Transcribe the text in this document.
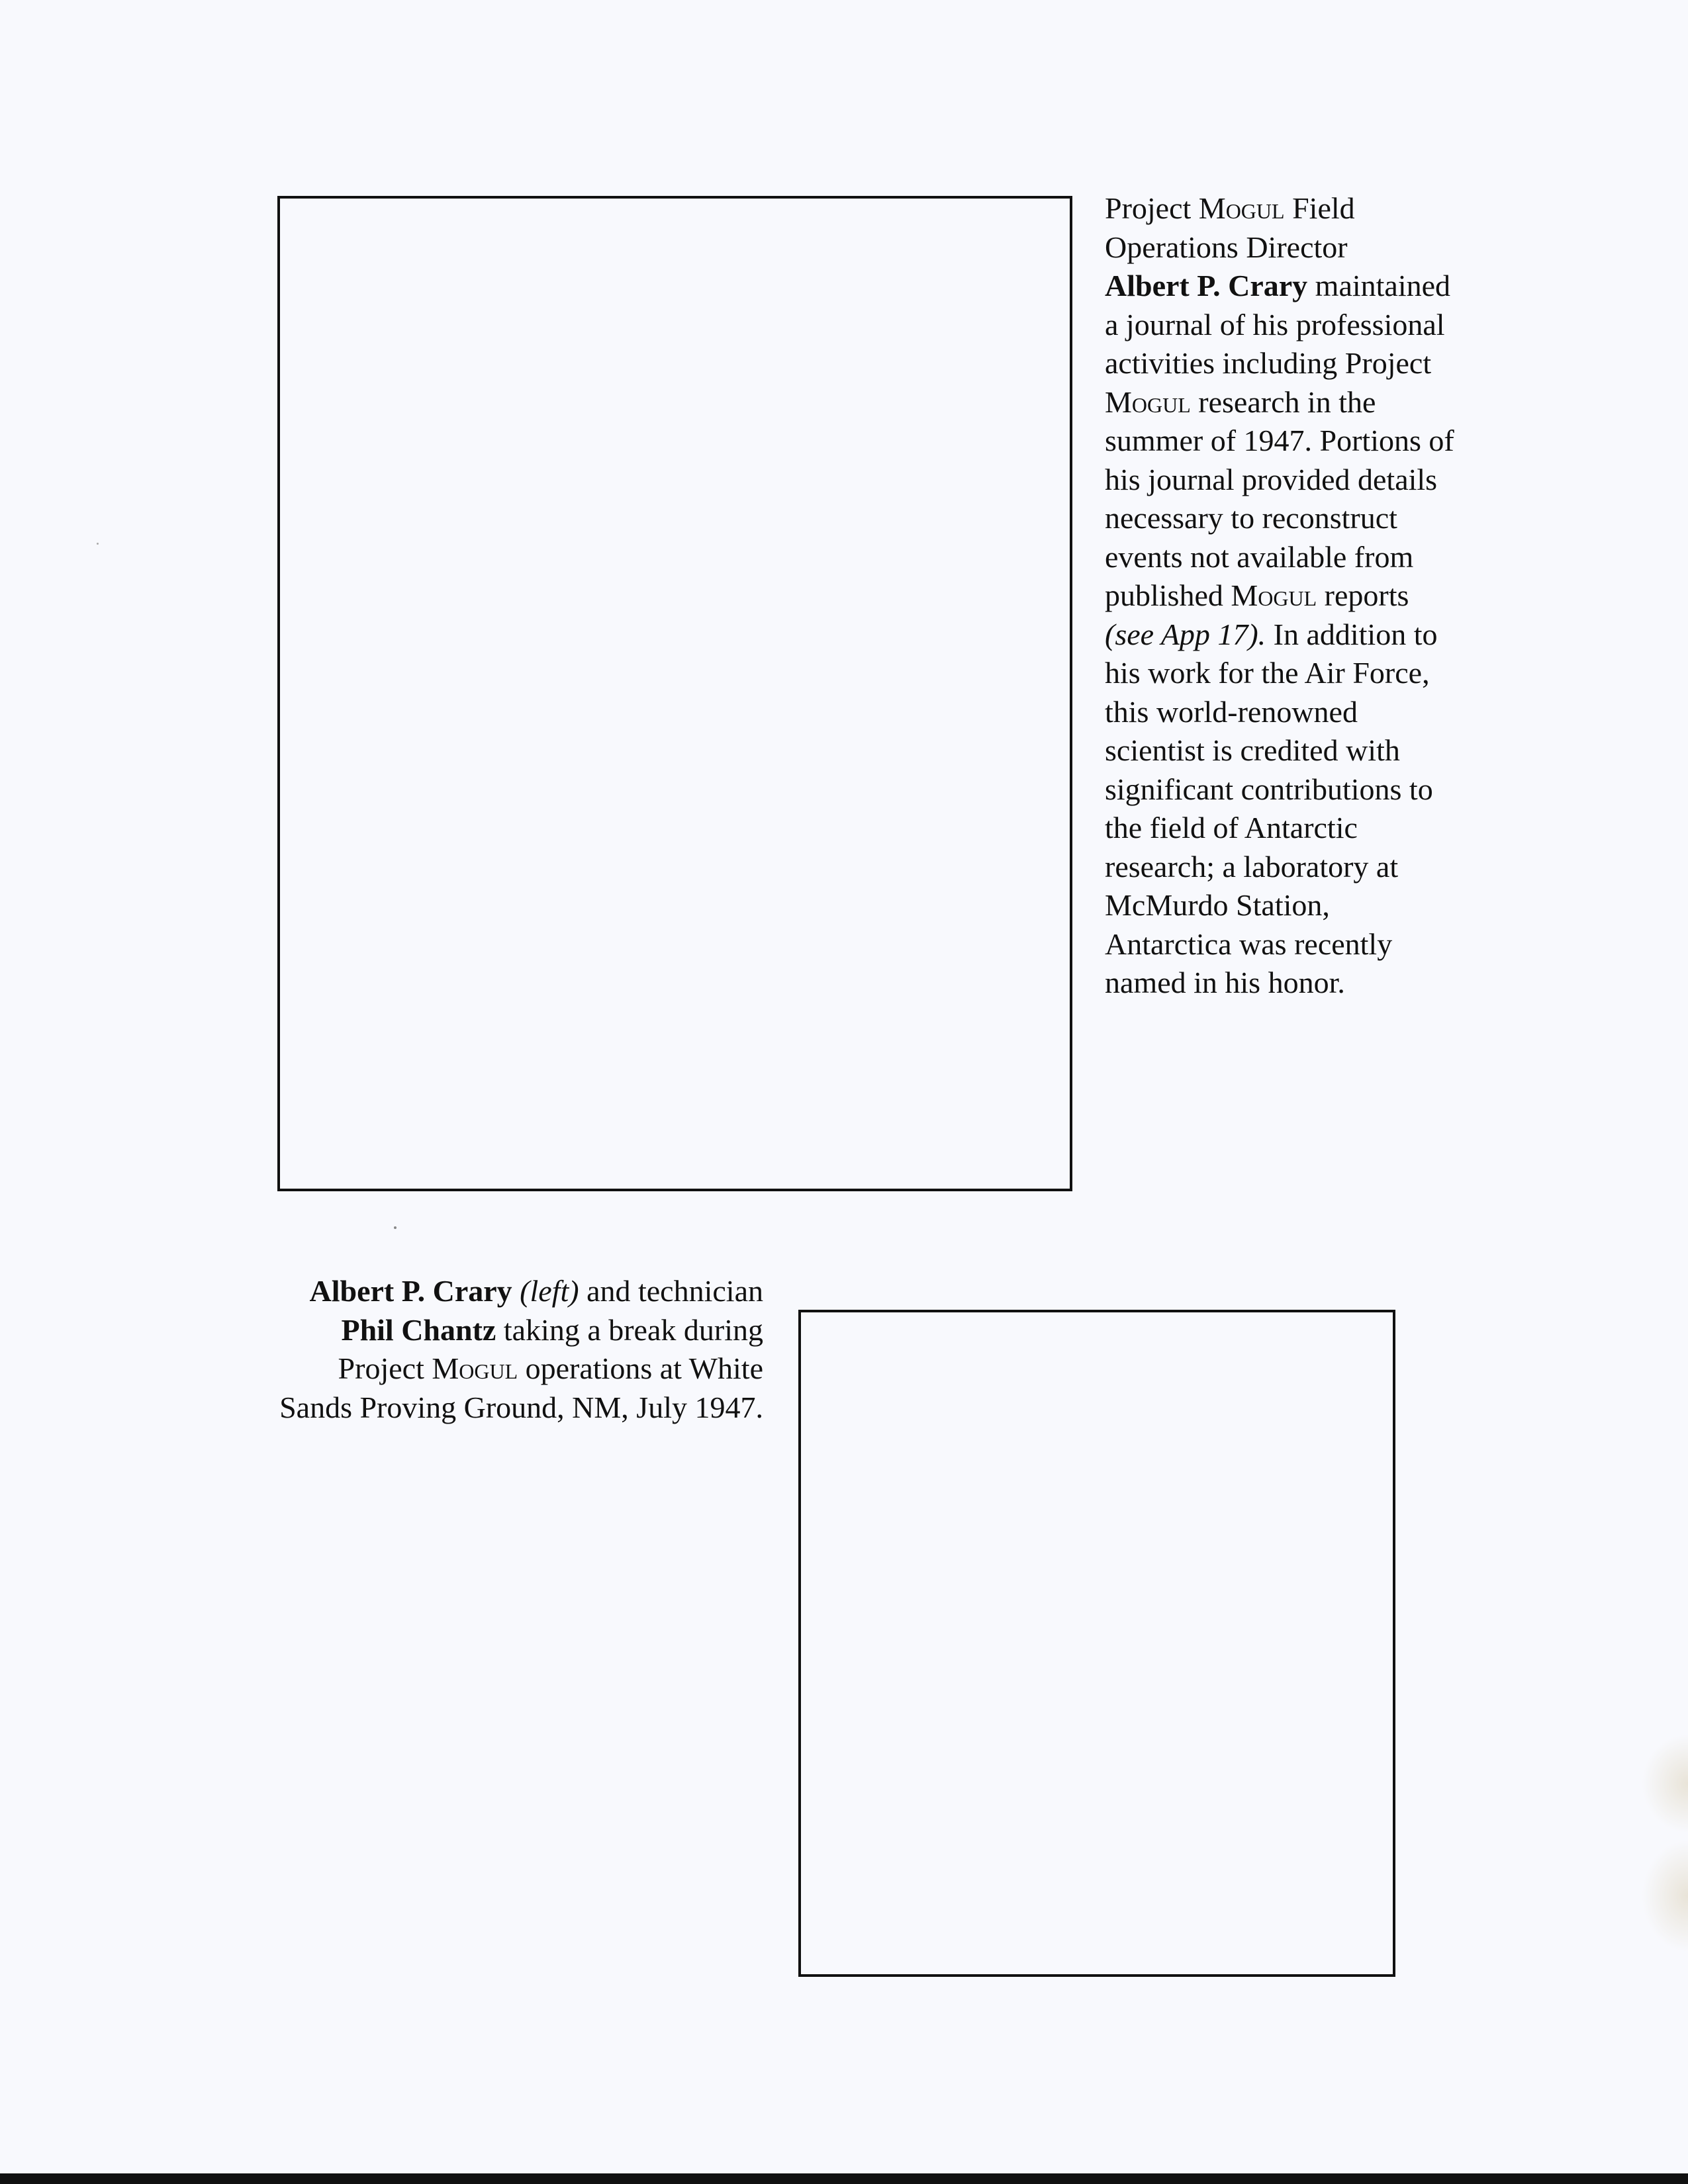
Project Mogul Field
Operations Director
Albert P. Crary maintained a journal of his professional activities including Project Mogul research in the summer of 1947. Portions of his journal provided details necessary to reconstruct events not available from published Mogul reports (see App 17). In addition to his work for the Air Force, this world-renowned scientist is credited with significant contributions to the field of Antarctic research; a laboratory at McMurdo Station, Antarctica was recently named in his honor.
Albert P. Crary (left) and technician Phil Chantz taking a break during Project Mogul operations at White Sands Proving Ground, NM, July 1947.
